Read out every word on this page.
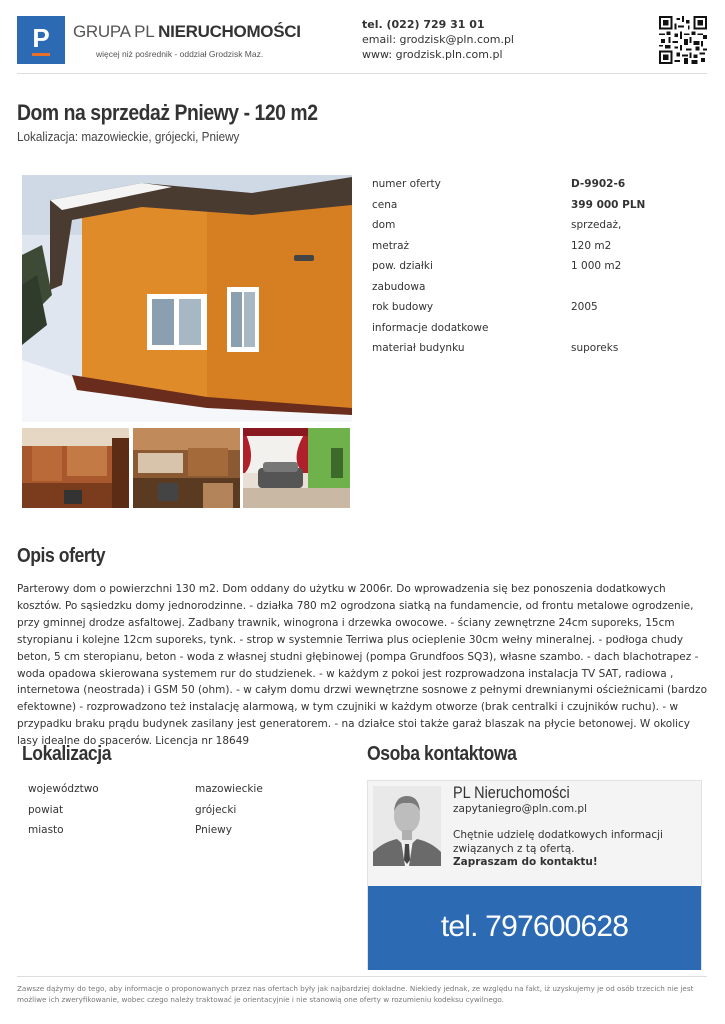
P GRUPA PL NIERUCHOMOŚCI
więcej niż pośrednik - oddział Grodzisk Maz.
tel. (022) 729 31 01
email: grodzisk@pln.com.pl
www: grodzisk.pln.com.pl
Dom na sprzedaż Pniewy - 120 m2
Lokalizacja: mazowieckie, grójecki, Pniewy
numer oferty	D-9902-6
cena	399 000 PLN
dom	sprzedaż,
metraż	120 m2
pow. działki	1 000 m2
zabudowa
rok budowy	2005
informacje dodatkowe
materiał budynku	suporeks
Opis oferty

Parterowy dom o powierzchni 130 m2. Dom oddany do użytku w 2006r. Do wprowadzenia się bez ponoszenia dodatkowych kosztów. Po sąsiedzku domy jednorodzinne. - działka 780 m2 ogrodzona siatką na fundamencie, od frontu metalowe ogrodzenie, przy gminnej drodze asfaltowej. Zadbany trawnik, winogrona i drzewka owocowe. - ściany zewnętrzne 24cm suporeks, 15cm styropianu i kolejne 12cm suporeks, tynk. - strop w systemnie Terriwa plus ocieplenie 30cm wełny mineralnej. - podłoga chudy beton, 5 cm steropianu, beton - woda z własnej studni głębinowej (pompa Grundfoos SQ3), własne szambo. - dach blachotrapez - woda opadowa skierowana systemem rur do studzienek. - w każdym z pokoi jest rozprowadzona instalacja TV SAT, radiowa , internetowa (neostrada) i GSM 50 (ohm). - w całym domu drzwi wewnętrzne sosnowe z pełnymi drewnianymi ościeżnicami (bardzo efektowne) - rozprowadzono też instalację alarmową, w tym czujniki w każdym otworze (brak centralki i czujników ruchu). - w przypadku braku prądu budynek zasilany jest generatorem. - na działce stoi także garaż blaszak na płycie betonowej. W okolicy lasy idealne do spacerów. Licencja nr 18649

Lokalizacja
województwo	mazowieckie
powiat	grójecki
miasto	Pniewy
Osoba kontaktowa
PL Nieruchomości
zapytaniegro@pln.com.pl
Chętnie udzielę dodatkowych informacji związanych z tą ofertą.
Zapraszam do kontaktu!
tel. 797600628

Zawsze dążymy do tego, aby informacje o proponowanych przez nas ofertach były jak najbardziej dokładne. Niekiedy jednak, ze względu na fakt, iż uzyskujemy je od osób trzecich nie jest możliwe ich zweryfikowanie, wobec czego należy traktować je orientacyjnie i nie stanowią one oferty w rozumieniu kodeksu cywilnego.
